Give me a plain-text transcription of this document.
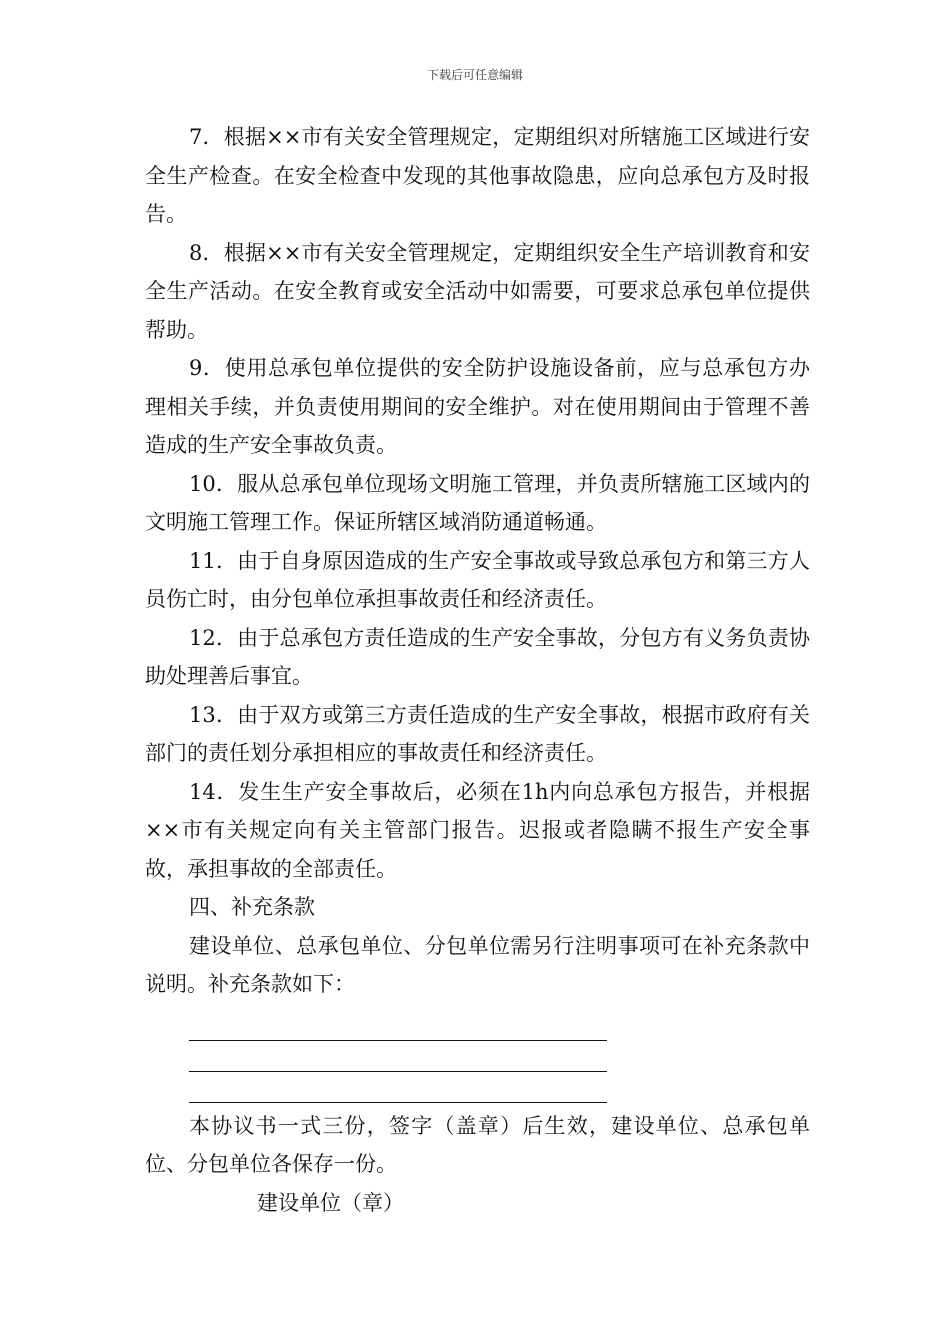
下载后可任意编辑

7．根据××市有关安全管理规定，定期组织对所辖施工区域进行安全生产检查。在安全检查中发现的其他事故隐患，应向总承包方及时报告。

8．根据××市有关安全管理规定，定期组织安全生产培训教育和安全生产活动。在安全教育或安全活动中如需要，可要求总承包单位提供帮助。

9．使用总承包单位提供的安全防护设施设备前，应与总承包方办理相关手续，并负责使用期间的安全维护。对在使用期间由于管理不善造成的生产安全事故负责。

10．服从总承包单位现场文明施工管理，并负责所辖施工区域内的文明施工管理工作。保证所辖区域消防通道畅通。

11．由于自身原因造成的生产安全事故或导致总承包方和第三方人员伤亡时，由分包单位承担事故责任和经济责任。

12．由于总承包方责任造成的生产安全事故，分包方有义务负责协助处理善后事宜。

13．由于双方或第三方责任造成的生产安全事故，根据市政府有关部门的责任划分承担相应的事故责任和经济责任。

14．发生生产安全事故后，必须在1h内向总承包方报告，并根据××市有关规定向有关主管部门报告。迟报或者隐瞒不报生产安全事故，承担事故的全部责任。

四、补充条款

建设单位、总承包单位、分包单位需另行注明事项可在补充条款中说明。补充条款如下：

本协议书一式三份，签字（盖章）后生效，建设单位、总承包单位、分包单位各保存一份。

建设单位（章）
